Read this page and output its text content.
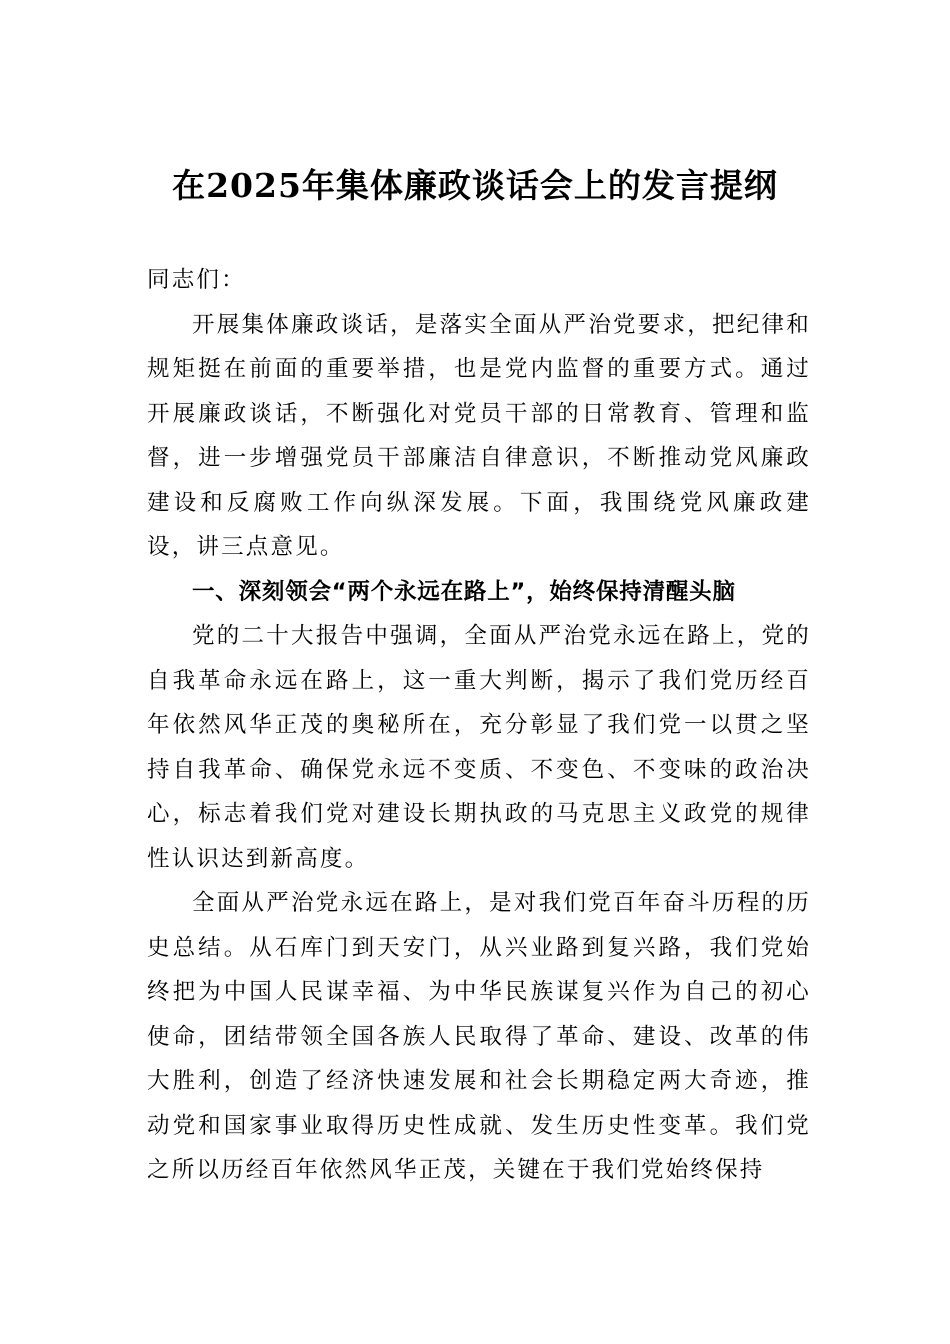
在2025年集体廉政谈话会上的发言提纲

同志们：

开展集体廉政谈话，是落实全面从严治党要求，把纪律和规矩挺在前面的重要举措，也是党内监督的重要方式。通过开展廉政谈话，不断强化对党员干部的日常教育、管理和监督，进一步增强党员干部廉洁自律意识，不断推动党风廉政建设和反腐败工作向纵深发展。下面，我围绕党风廉政建设，讲三点意见。

一、深刻领会“两个永远在路上”，始终保持清醒头脑

党的二十大报告中强调，全面从严治党永远在路上，党的自我革命永远在路上，这一重大判断，揭示了我们党历经百年依然风华正茂的奥秘所在，充分彰显了我们党一以贯之坚持自我革命、确保党永远不变质、不变色、不变味的政治决心，标志着我们党对建设长期执政的马克思主义政党的规律性认识达到新高度。

全面从严治党永远在路上，是对我们党百年奋斗历程的历史总结。从石库门到天安门，从兴业路到复兴路，我们党始终把为中国人民谋幸福、为中华民族谋复兴作为自己的初心使命，团结带领全国各族人民取得了革命、建设、改革的伟大胜利，创造了经济快速发展和社会长期稳定两大奇迹，推动党和国家事业取得历史性成就、发生历史性变革。我们党之所以历经百年依然风华正茂，关键在于我们党始终保持
